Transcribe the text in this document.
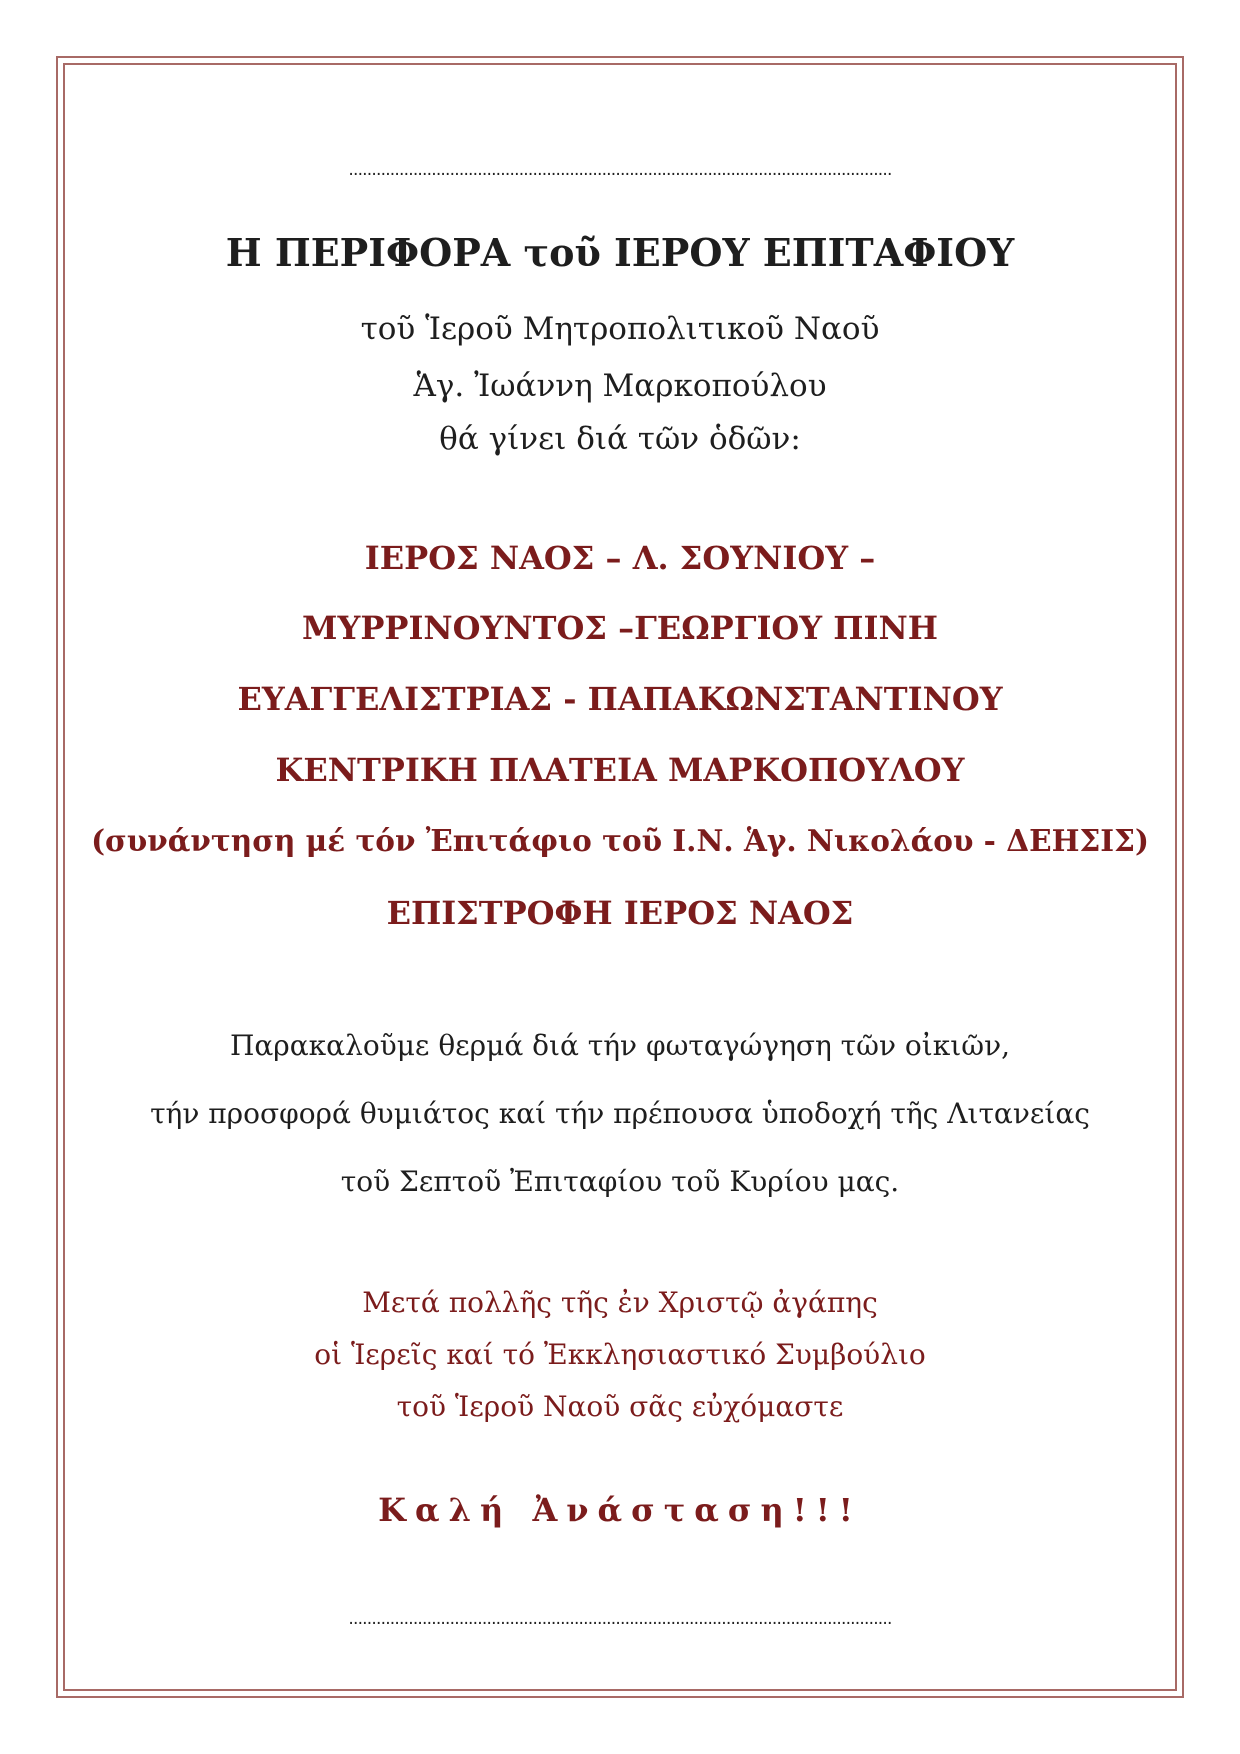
......................................................................................................................
Η ΠΕΡΙΦΟΡΑ τοῦ ΙΕΡΟΥ ΕΠΙΤΑΦΙΟΥ
τοῦ Ἱεροῦ Μητροπολιτικοῦ Ναοῦ
Ἁγ. Ἰωάννη Μαρκοπούλου
θά γίνει διά τῶν ὁδῶν:
ΙΕΡΟΣ ΝΑΟΣ – Λ. ΣΟΥΝΙΟΥ –
ΜΥΡΡΙΝΟΥΝΤΟΣ –ΓΕΩΡΓΙΟΥ ΠΙΝΗ
ΕΥΑΓΓΕΛΙΣΤΡΙΑΣ - ΠΑΠΑΚΩΝΣΤΑΝΤΙΝΟΥ
ΚΕΝΤΡΙΚΗ ΠΛΑΤΕΙΑ ΜΑΡΚΟΠΟΥΛΟΥ
(συνάντηση μέ τόν Ἐπιτάφιο τοῦ Ι.Ν. Ἁγ. Νικολάου - ΔΕΗΣΙΣ)
ΕΠΙΣΤΡΟΦΗ ΙΕΡΟΣ ΝΑΟΣ
Παρακαλοῦμε θερμά διά τήν φωταγώγηση τῶν οἰκιῶν,
τήν προσφορά θυμιάτος καί τήν πρέπουσα ὑποδοχή τῆς Λιτανείας
τοῦ Σεπτοῦ Ἐπιταφίου τοῦ Κυρίου μας.
Μετά πολλῆς τῆς ἐν Χριστῷ ἀγάπης
οἱ Ἱερεῖς καί τό Ἐκκλησιαστικό Συμβούλιο
τοῦ Ἱεροῦ Ναοῦ σᾶς εὐχόμαστε
Καλή Ἀνάσταση!!!
......................................................................................................................
